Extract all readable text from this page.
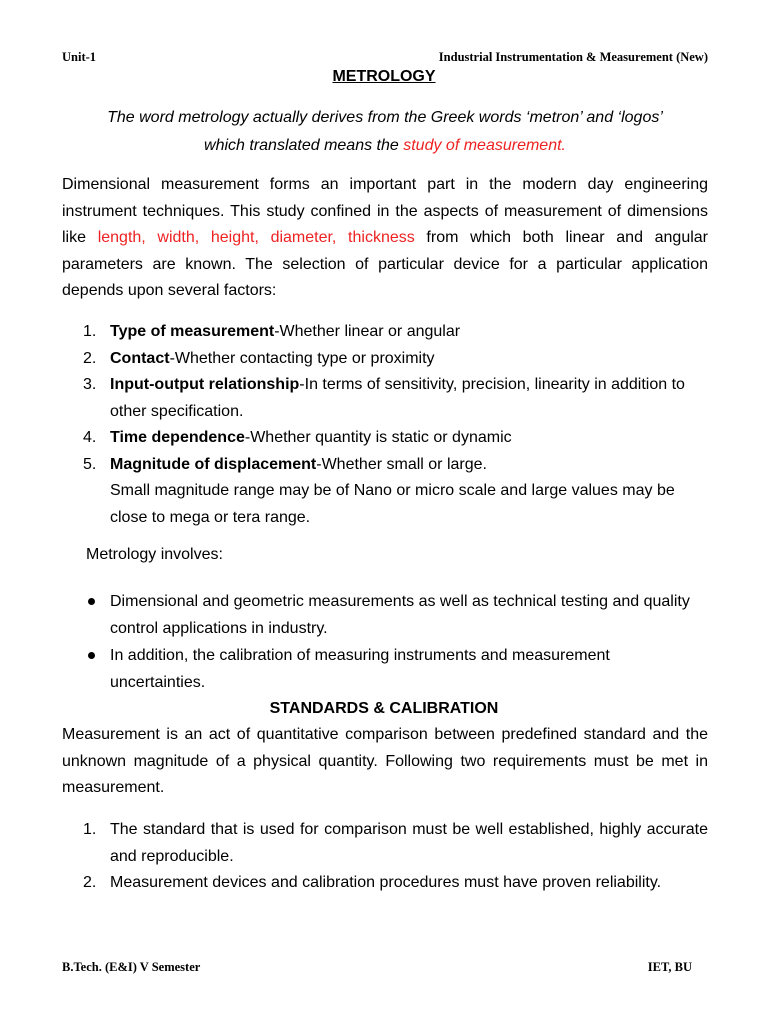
Unit-1	Industrial Instrumentation & Measurement (New)
METROLOGY
The word metrology actually derives from the Greek words ‘metron’ and ‘logos’
which translated means the study of measurement.
Dimensional measurement forms an important part in the modern day engineering instrument techniques. This study confined in the aspects of measurement of dimensions like length, width, height, diameter, thickness from which both linear and angular parameters are known. The selection of particular device for a particular application depends upon several factors:
1. Type of measurement-Whether linear or angular
2. Contact-Whether contacting type or proximity
3. Input-output relationship-In terms of sensitivity, precision, linearity in addition to other specification.
4. Time dependence-Whether quantity is static or dynamic
5. Magnitude of displacement-Whether small or large.
Small magnitude range may be of Nano or micro scale and large values may be close to mega or tera range.
Metrology involves:
Dimensional and geometric measurements as well as technical testing and quality control applications in industry.
In addition, the calibration of measuring instruments and measurement uncertainties.
STANDARDS & CALIBRATION
Measurement is an act of quantitative comparison between predefined standard and the unknown magnitude of a physical quantity. Following two requirements must be met in measurement.
1. The standard that is used for comparison must be well established, highly accurate and reproducible.
2. Measurement devices and calibration procedures must have proven reliability.
B.Tech. (E&I) V Semester	IET, BU
